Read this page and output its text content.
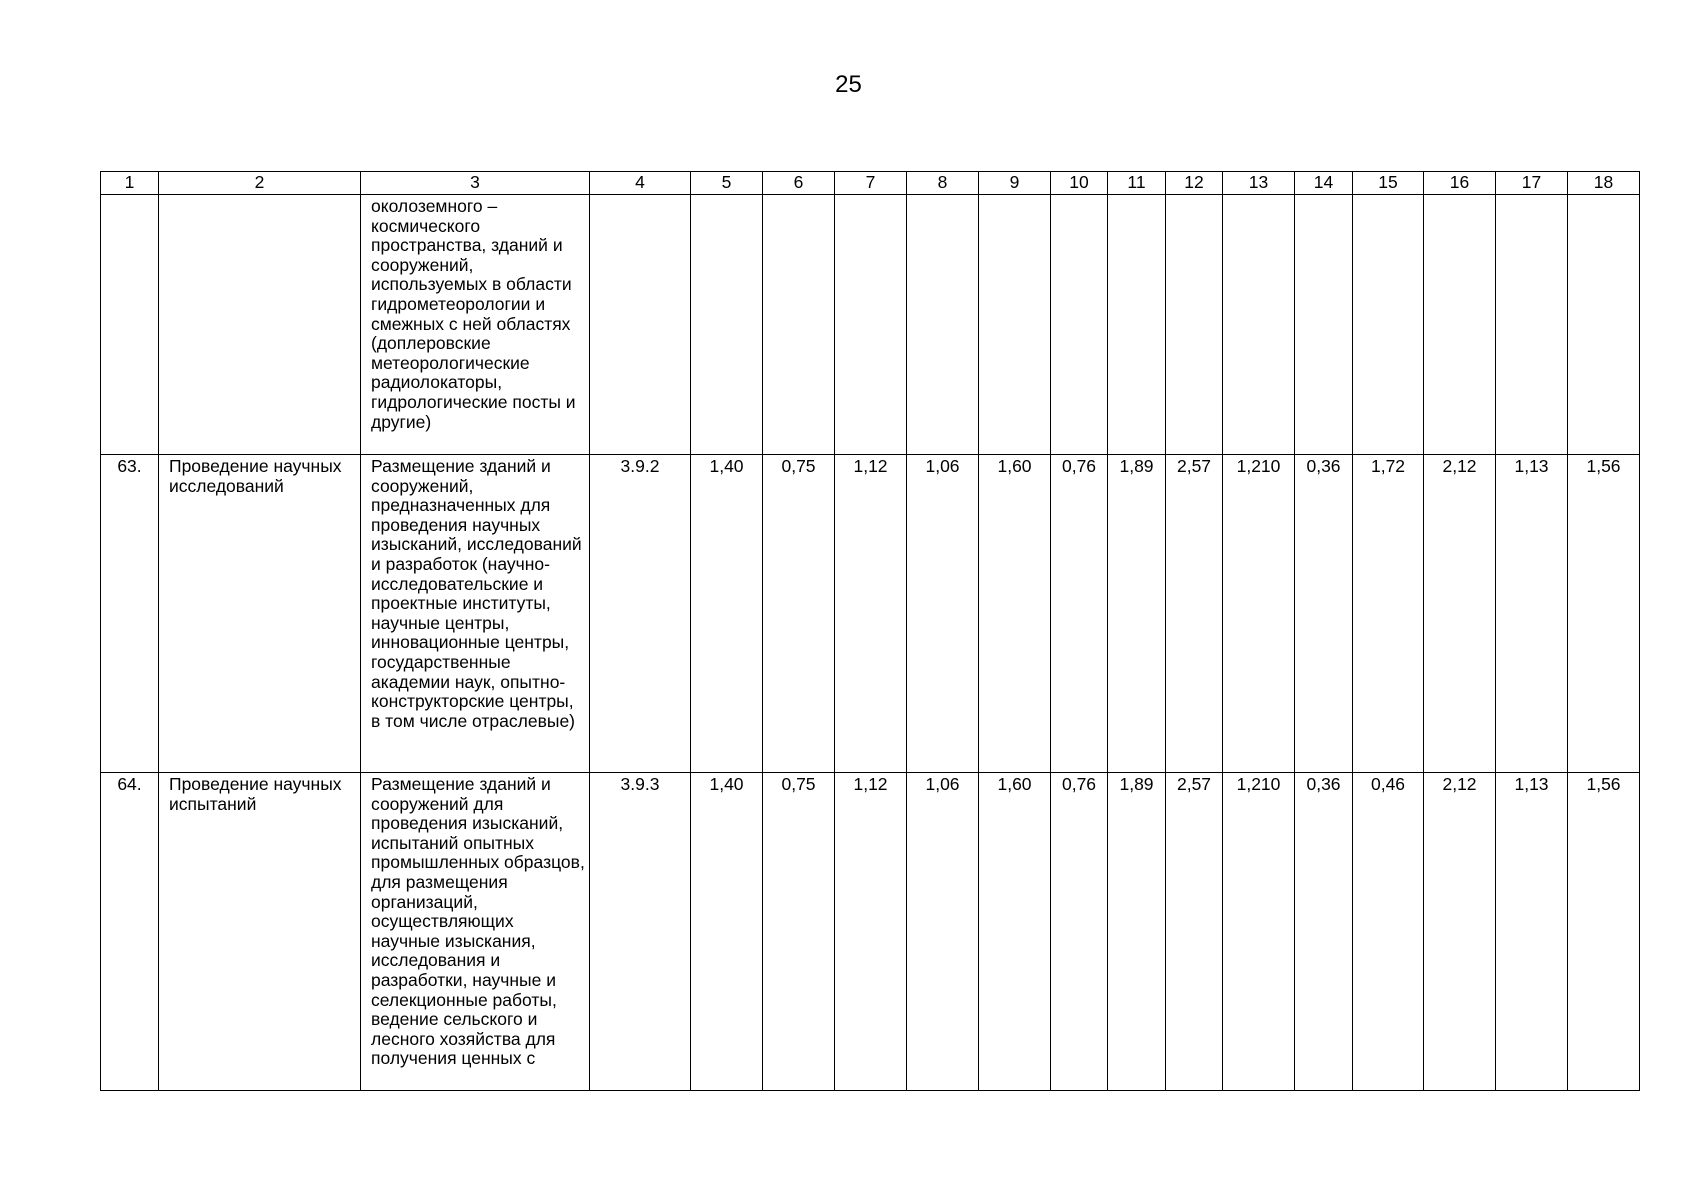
25
1	2	3	4	5	6	7	8	9	10	11	12	13	14	15	16	17	18
		околоземного – космического пространства, зданий и сооружений, используемых в области гидрометеорологии и смежных с ней областях (доплеровские метеорологические радиолокаторы, гидрологические посты и другие)															
63.	Проведение научных исследований	Размещение зданий и сооружений, предназначенных для проведения научных изысканий, исследований и разработок (научно-исследовательские и проектные институты, научные центры, инновационные центры, государственные академии наук, опытно-конструкторские центры, в том числе отраслевые)	3.9.2	1,40	0,75	1,12	1,06	1,60	0,76	1,89	2,57	1,210	0,36	1,72	2,12	1,13	1,56
64.	Проведение научных испытаний	Размещение зданий и сооружений для проведения изысканий, испытаний опытных промышленных образцов, для размещения организаций, осуществляющих научные изыскания, исследования и разработки, научные и селекционные работы, ведение сельского и лесного хозяйства для получения ценных с	3.9.3	1,40	0,75	1,12	1,06	1,60	0,76	1,89	2,57	1,210	0,36	0,46	2,12	1,13	1,56
